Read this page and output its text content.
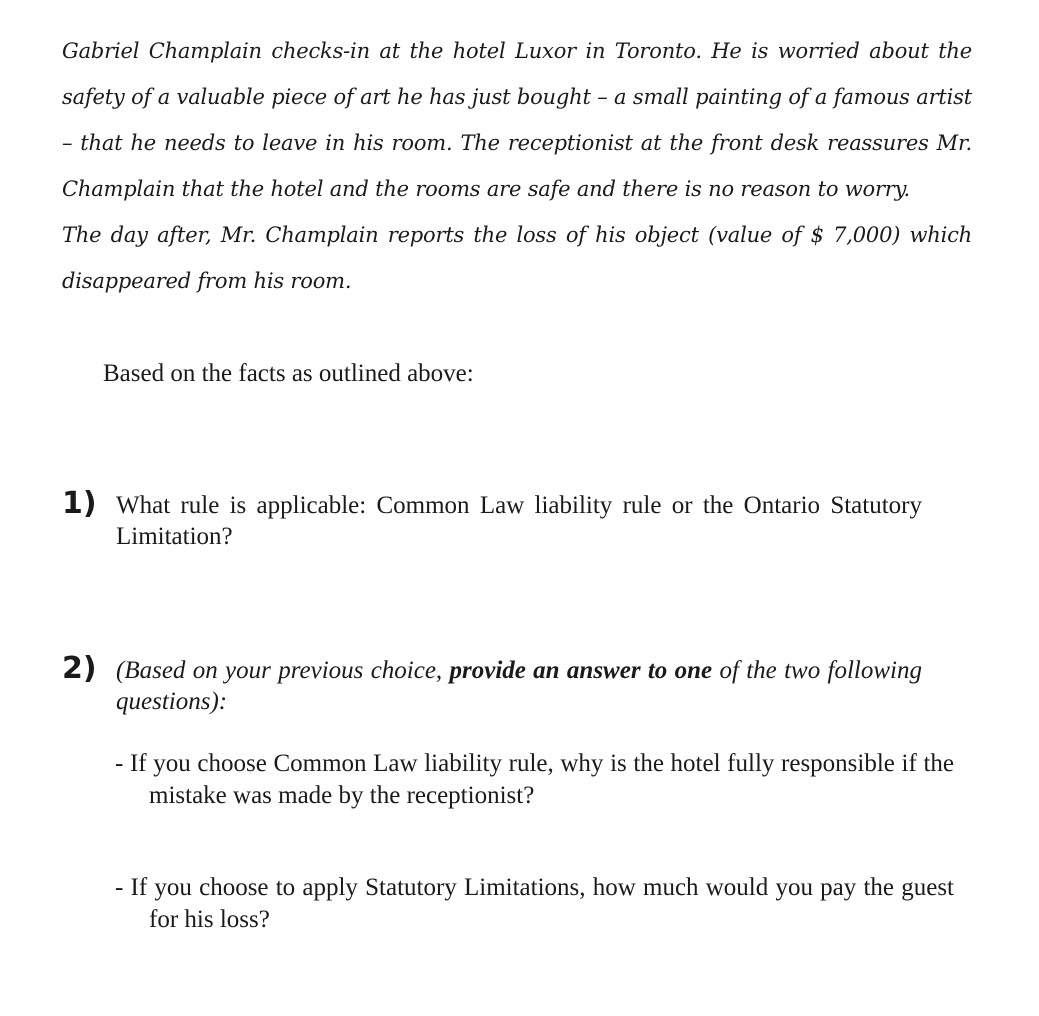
Gabriel Champlain checks-in at the hotel Luxor in Toronto. He is worried about the safety of a valuable piece of art he has just bought – a small painting of a famous artist – that he needs to leave in his room. The receptionist at the front desk reassures Mr. Champlain that the hotel and the rooms are safe and there is no reason to worry.

The day after, Mr. Champlain reports the loss of his object (value of $ 7,000) which disappeared from his room.

Based on the facts as outlined above:
1) What rule is applicable: Common Law liability rule or the Ontario Statutory Limitation?
2) (Based on your previous choice, provide an answer to one of the two following questions):
- If you choose Common Law liability rule, why is the hotel fully responsible if the mistake was made by the receptionist?
- If you choose to apply Statutory Limitations, how much would you pay the guest for his loss?
